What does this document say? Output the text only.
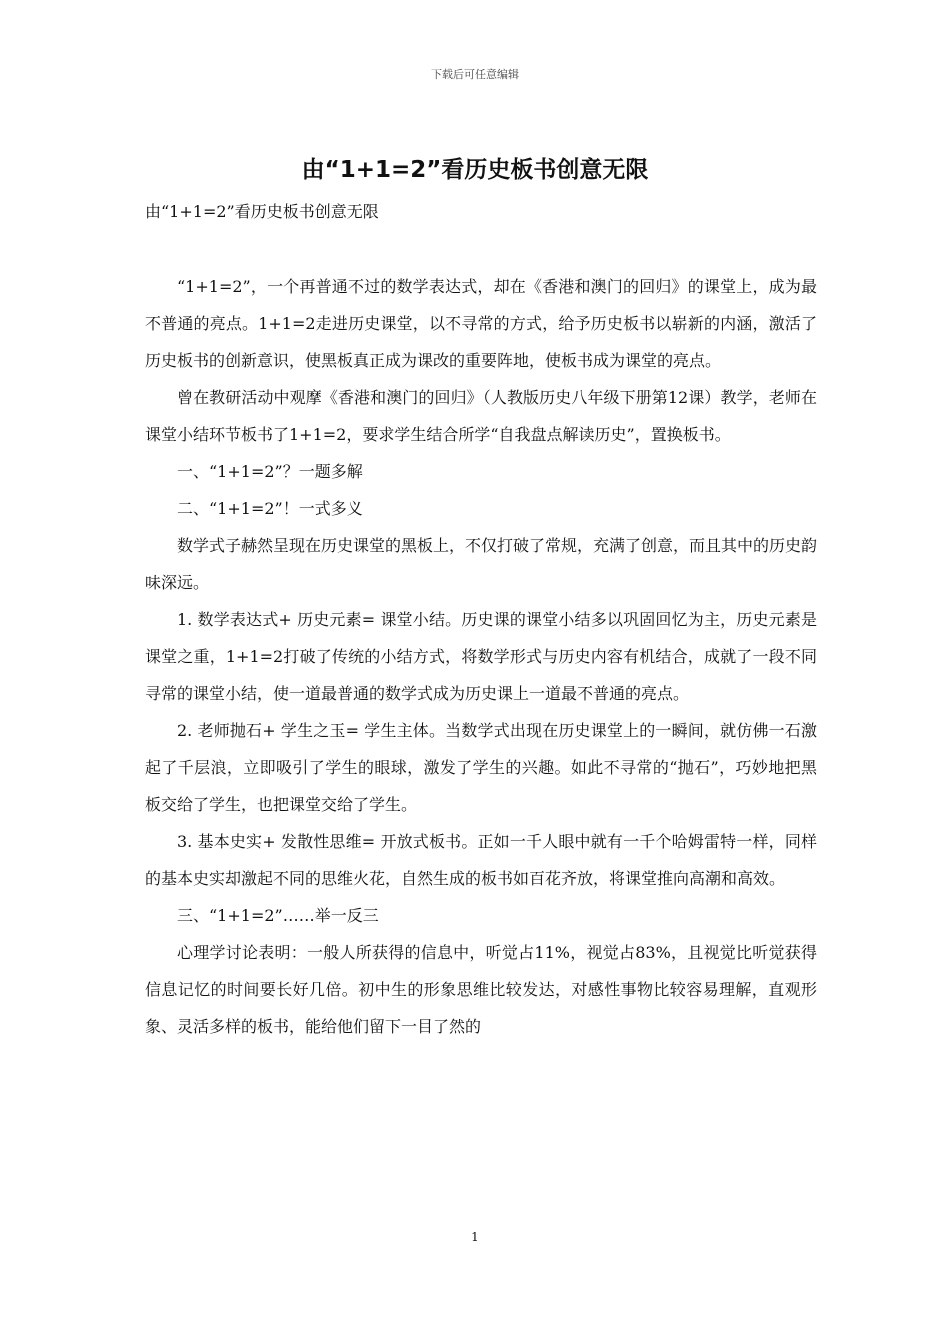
下载后可任意编辑

由“1+1=2”看历史板书创意无限

由“1+1=2”看历史板书创意无限

“1+1=2”，一个再普通不过的数学表达式，却在《香港和澳门的回归》的课堂上，成为最不普通的亮点。1+1=2走进历史课堂，以不寻常的方式，给予历史板书以崭新的内涵，激活了历史板书的创新意识，使黑板真正成为课改的重要阵地，使板书成为课堂的亮点。

曾在教研活动中观摩《香港和澳门的回归》（人教版历史八年级下册第12课）教学，老师在课堂小结环节板书了1+1=2，要求学生结合所学“自我盘点解读历史”，置换板书。

一、“1+1=2”？一题多解

二、“1+1=2”！一式多义

数学式子赫然呈现在历史课堂的黑板上，不仅打破了常规，充满了创意，而且其中的历史韵味深远。

1. 数学表达式+ 历史元素= 课堂小结。历史课的课堂小结多以巩固回忆为主，历史元素是课堂之重，1+1=2打破了传统的小结方式，将数学形式与历史内容有机结合，成就了一段不同寻常的课堂小结，使一道最普通的数学式成为历史课上一道最不普通的亮点。

2. 老师抛石+ 学生之玉= 学生主体。当数学式出现在历史课堂上的一瞬间，就仿佛一石激起了千层浪，立即吸引了学生的眼球，激发了学生的兴趣。如此不寻常的“抛石”，巧妙地把黑板交给了学生，也把课堂交给了学生。

3. 基本史实+ 发散性思维= 开放式板书。正如一千人眼中就有一千个哈姆雷特一样，同样的基本史实却激起不同的思维火花，自然生成的板书如百花齐放，将课堂推向高潮和高效。

三、“1+1=2”……举一反三

心理学讨论表明：一般人所获得的信息中，听觉占11%，视觉占83%，且视觉比听觉获得信息记忆的时间要长好几倍。初中生的形象思维比较发达，对感性事物比较容易理解，直观形象、灵活多样的板书，能给他们留下一目了然的

1
